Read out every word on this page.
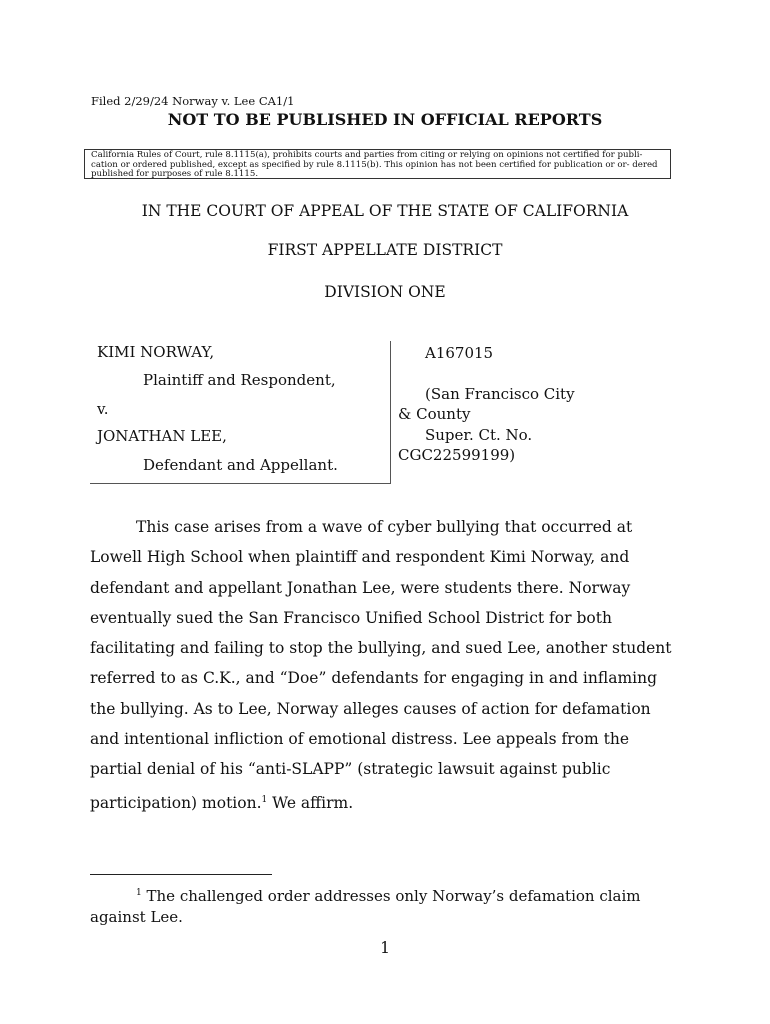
Filed 2/29/24 Norway v. Lee CA1/1
NOT TO BE PUBLISHED IN OFFICIAL REPORTS

California Rules of Court, rule 8.1115(a), prohibits courts and parties from citing or relying on opinions not certified for publi- cation or ordered published, except as specified by rule 8.1115(b). This opinion has not been certified for publication or or- dered published for purposes of rule 8.1115.

IN THE COURT OF APPEAL OF THE STATE OF CALIFORNIA
FIRST APPELLATE DISTRICT
DIVISION ONE
KIMI NORWAY,
Plaintiff and Respondent,
v.
JONATHAN LEE,
Defendant and Appellant.
A167015
(San Francisco City
& County
Super. Ct. No.
CGC22599199)

This case arises from a wave of cyber bullying that occurred at Lowell High School when plaintiff and respondent Kimi Norway, and defendant and appellant Jonathan Lee, were students there. Norway eventually sued the San Francisco Unified School District for both facilitating and failing to stop the bullying, and sued Lee, another student referred to as C.K., and “Doe” defendants for engaging in and inflaming the bullying. As to Lee, Norway alleges causes of action for defamation and intentional infliction of emotional distress. Lee appeals from the partial denial of his “anti-SLAPP” (strategic lawsuit against public participation) motion.$^1$ We affirm.

$^1$ The challenged order addresses only Norway’s defamation claim against Lee.

1
